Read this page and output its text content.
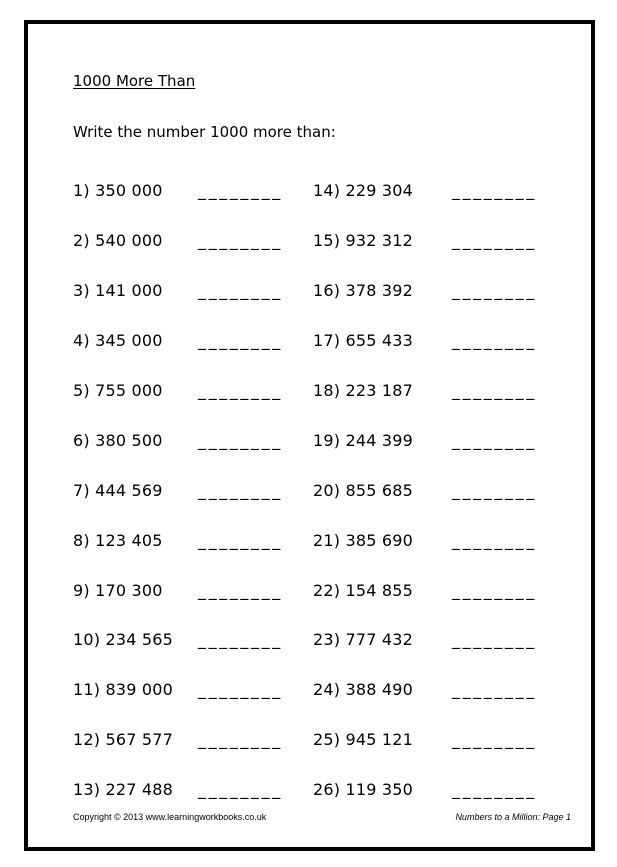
1000 More Than
Write the number 1000 more than:
1) 350 000	________
2) 540 000	________
3) 141 000	________
4) 345 000	________
5) 755 000	________
6) 380 500	________
7) 444 569	________
8) 123 405	________
9) 170 300	________
10) 234 565	________
11) 839 000	________
12) 567 577	________
13) 227 488	________
14) 229 304	________
15) 932 312	________
16) 378 392	________
17) 655 433	________
18) 223 187	________
19) 244 399	________
20) 855 685	________
21) 385 690	________
22) 154 855	________
23) 777 432	________
24) 388 490	________
25) 945 121	________
26) 119 350	________
Copyright © 2013 www.learningworkbooks.co.uk	Numbers to a Million: Page 1
